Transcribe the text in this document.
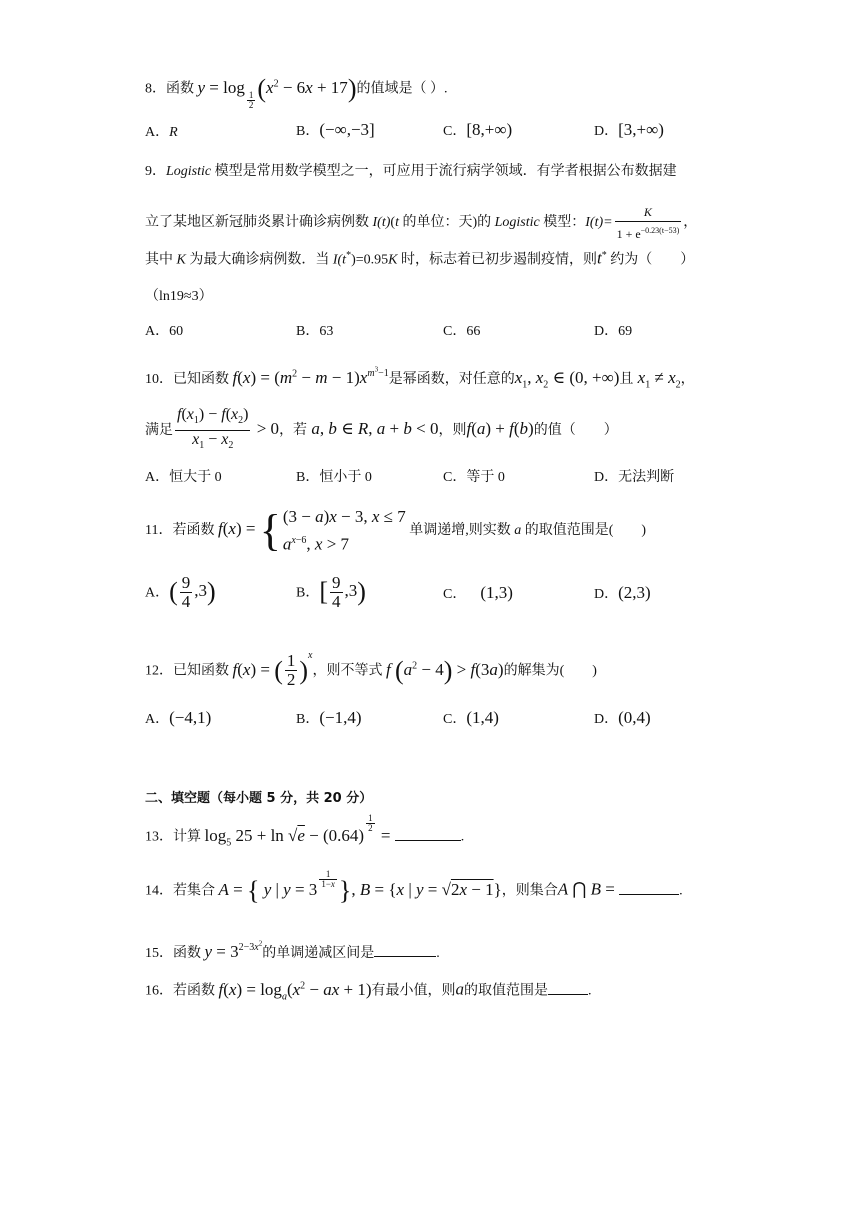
8．函数 y = log
$_{\frac{1}{2}}$ $(x^2 - 6x + 17)$的值域是（ ）.
A．R	B．(−∞,−3]	C．[8,+∞)	D．[3,+∞)
9．Logistic 模型是常用数学模型之一，可应用于流行病学领域．有学者根据公布数据建
立了某地区新冠肺炎累计确诊病例数 I(t)(t 的单位：天)的 Logistic 模型：$I(t)= \frac{K}{1 + e^{-0.23(t-53)}}$ ，
其中 K 为最大确诊病例数．当 I(t*)=0.95K 时，标志着已初步遏制疫情，则t* 约为（　　）
（ln19≈3）
A．60	B．63	C．66	D．69
10．已知函数 $f(x) = (m^2 - m - 1)x^{m^3-1}$是幂函数，对任意的$x_1$, $x_2$ ∈ (0, +∞)且 $x_1 \ne x_2$，
满足 $\frac{f(x_1) - f(x_2)}{x_1 - x_2} > 0$，若 a, b ∈ R, a + b < 0，则f(a) + f(b)的值（　　）
A．恒大于 0	B．恒小于 0	C．等于 0	D．无法判断
11．若函数 f(x) = { (3 − a)x − 3, x ≤ 7
$a^{x-6}$, x > 7
单调递增,则实数 a 的取值范围是(　　)
A．( $\frac{9}{4} ,3$)	B．[ $\frac{9}{4} ,3$)	C． (1,3)	D．(2,3)
12．已知函数 f(x) = ( $\frac{1}{2} )^x$，则不等式 f $(a^2 - 4) > f(3a)$的解集为(　　)
A．(−4,1)	B．(−1,4)	C．(1,4)	D．(0,4)
二、填空题（每小题 5 分，共 20 分）
13．计算 $\log_5 25 + \ln √e - (0.64)$
$^{\frac{1}{2}}$
=	.
14．若集合 A = { y | y = 3 $^{\frac{1}{1-x}}$ }, B = {x | y = √2x − 1}，则集合A ⋂ B =	.
15．函数 $y = 3^{2-3x^2}$的单调递减区间是	.
16．若函数 $f(x) = \log_a(x^2$ − ax + 1)有最小值，则a的取值范围是	.
